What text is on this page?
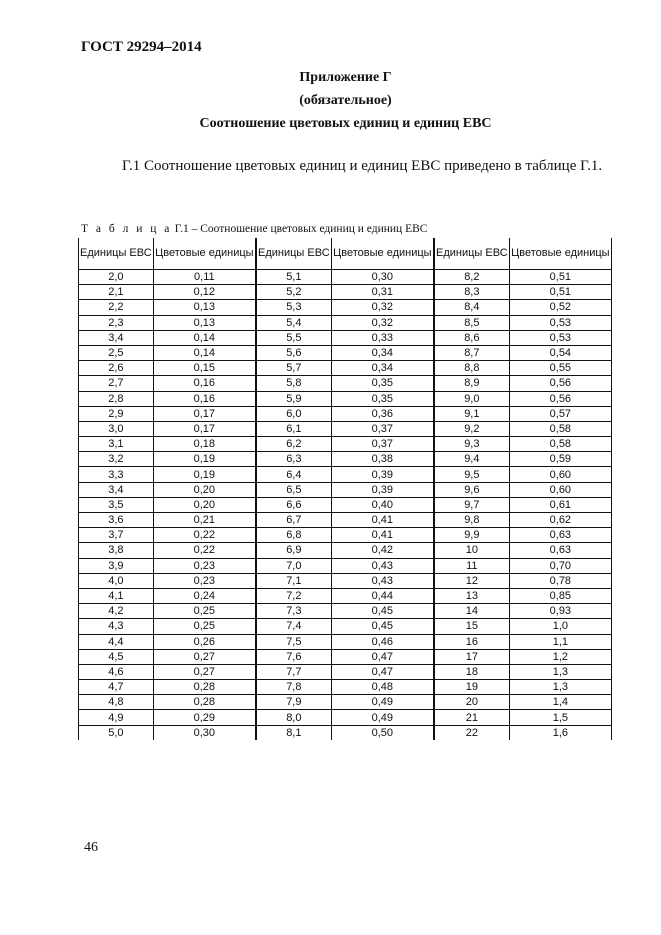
ГОСТ 29294–2014
Приложение Г
(обязательное)
Соотношение цветовых единиц и единиц ЕВС
Г.1 Соотношение цветовых единиц и единиц ЕВС приведено в таблице Г.1.
Т а б л и ц а Г.1 – Соотношение цветовых единиц и единиц ЕВС
Единицы ЕВС	Цветовые единицы	Единицы ЕВС	Цветовые единицы	Единицы ЕВС	Цветовые единицы
2,0	0,11	5,1	0,30	8,2	0,51
2,1	0,12	5,2	0,31	8,3	0,51
2,2	0,13	5,3	0,32	8,4	0,52
2,3	0,13	5,4	0,32	8,5	0,53
3,4	0,14	5,5	0,33	8,6	0,53
2,5	0,14	5,6	0,34	8,7	0,54
2,6	0,15	5,7	0,34	8,8	0,55
2,7	0,16	5,8	0,35	8,9	0,56
2,8	0,16	5,9	0,35	9,0	0,56
2,9	0,17	6,0	0,36	9,1	0,57
3,0	0,17	6,1	0,37	9,2	0,58
3,1	0,18	6,2	0,37	9,3	0,58
3,2	0,19	6,3	0,38	9,4	0,59
3,3	0,19	6,4	0,39	9,5	0,60
3,4	0,20	6,5	0,39	9,6	0,60
3,5	0,20	6,6	0,40	9,7	0,61
3,6	0,21	6,7	0,41	9,8	0,62
3,7	0,22	6,8	0,41	9,9	0,63
3,8	0,22	6,9	0,42	10	0,63
3,9	0,23	7,0	0,43	11	0,70
4,0	0,23	7,1	0,43	12	0,78
4,1	0,24	7,2	0,44	13	0,85
4,2	0,25	7,3	0,45	14	0,93
4,3	0,25	7,4	0,45	15	1,0
4,4	0,26	7,5	0,46	16	1,1
4,5	0,27	7,6	0,47	17	1,2
4,6	0,27	7,7	0,47	18	1,3
4,7	0,28	7,8	0,48	19	1,3
4,8	0,28	7,9	0,49	20	1,4
4,9	0,29	8,0	0,49	21	1,5
5,0	0,30	8,1	0,50	22	1,6
46
